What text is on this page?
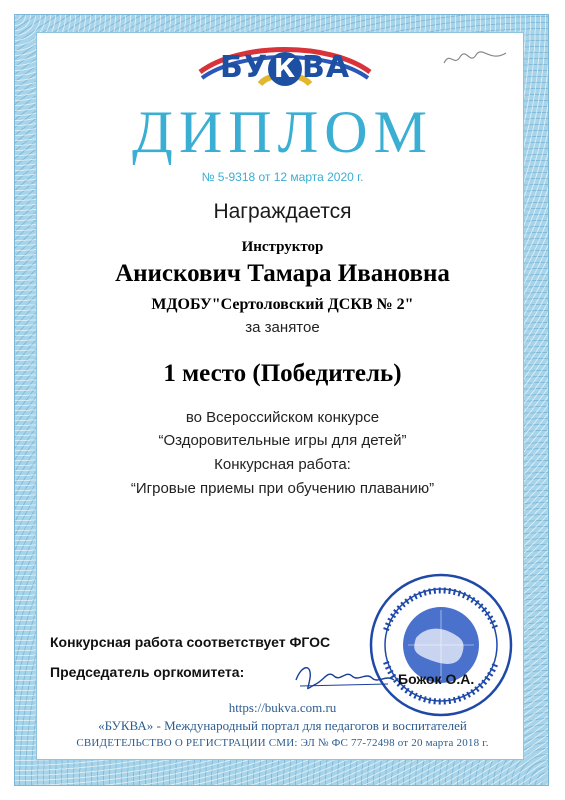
БУ К ВА
ДИПЛОМ
№ 5-9318 от 12 марта 2020 г.
Награждается
Инструктор
Анискович Тамара Ивановна
МДОБУ"Сертоловский ДСКВ № 2"
за занятое
1 место (Победитель)
во Всероссийском конкурсе
“Оздоровительные игры для детей”
Конкурсная работа:
“Игровые приемы при обучению плаванию”
Конкурсная работа соответствует ФГОС
Председатель оргкомитета:	Божок О.А.
https://bukva.com.ru
«БУКВА» - Международный портал для педагогов и воспитателей
СВИДЕТЕЛЬСТВО О РЕГИСТРАЦИИ СМИ: ЭЛ № ФС 77-72498 от 20 марта 2018 г.
